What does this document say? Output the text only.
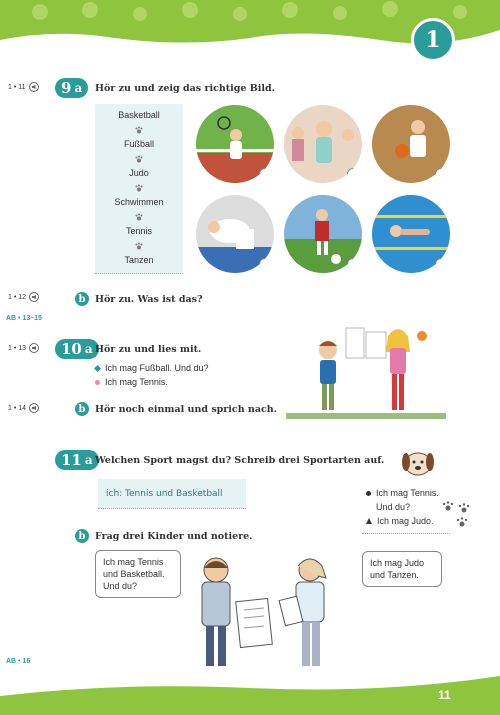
1
1 • 11
1 • 12
1 • 13
1 • 14
AB • 13–15
AB • 16
9 a Hör zu und zeig das richtige Bild.
Basketball
Fußball
Judo
Schwimmen
Tennis
Tanzen
A	B	C
D	E	F
b	Hör zu. Was ist das?
10 a Hör zu und lies mit.
Ich mag Fußball. Und du?
Ich mag Tennis.
b	Hör noch einmal und sprich nach.
11 a Welchen Sport magst du? Schreib drei Sportarten auf.
ich: Tennis und Basketball	Ich mag Tennis.
Und du?
Ich mag Judo.
b	Frag drei Kinder und notiere.
Ich mag Tennis
und Basketball.
Und du?
Ich mag Judo
und Tanzen.
11
